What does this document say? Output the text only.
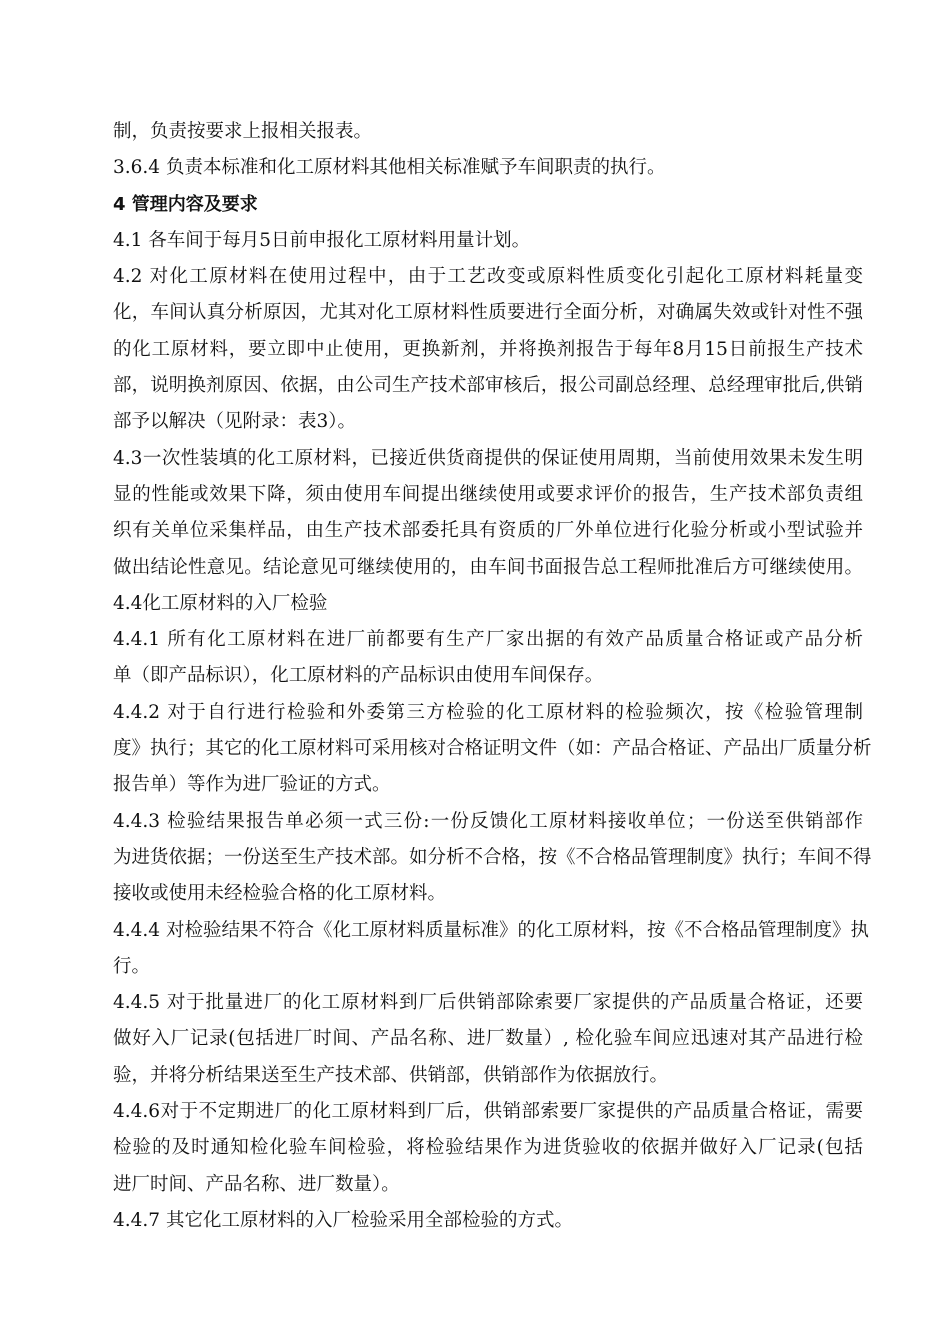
制，负责按要求上报相关报表。
3.6.4 负责本标准和化工原材料其他相关标准赋予车间职责的执行。
4 管理内容及要求
4.1 各车间于每月5日前申报化工原材料用量计划。
4.2 对化工原材料在使用过程中，由于工艺改变或原料性质变化引起化工原材料耗量变
化，车间认真分析原因，尤其对化工原材料性质要进行全面分析，对确属失效或针对性不强
的化工原材料，要立即中止使用，更换新剂，并将换剂报告于每年8月15日前报生产技术
部，说明换剂原因、依据，由公司生产技术部审核后，报公司副总经理、总经理审批后,供销
部予以解决（见附录：表3）。
4.3一次性装填的化工原材料，已接近供货商提供的保证使用周期，当前使用效果未发生明
显的性能或效果下降，须由使用车间提出继续使用或要求评价的报告，生产技术部负责组
织有关单位采集样品，由生产技术部委托具有资质的厂外单位进行化验分析或小型试验并
做出结论性意见。结论意见可继续使用的，由车间书面报告总工程师批准后方可继续使用。
4.4化工原材料的入厂检验
4.4.1 所有化工原材料在进厂前都要有生产厂家出据的有效产品质量合格证或产品分析
单（即产品标识），化工原材料的产品标识由使用车间保存。
4.4.2 对于自行进行检验和外委第三方检验的化工原材料的检验频次，按《检验管理制
度》执行；其它的化工原材料可采用核对合格证明文件（如：产品合格证、产品出厂质量分析
报告单）等作为进厂验证的方式。
4.4.3 检验结果报告单必须一式三份:一份反馈化工原材料接收单位；一份送至供销部作
为进货依据；一份送至生产技术部。如分析不合格，按《不合格品管理制度》执行；车间不得
接收或使用未经检验合格的化工原材料。
4.4.4 对检验结果不符合《化工原材料质量标准》的化工原材料，按《不合格品管理制度》执
行。
4.4.5 对于批量进厂的化工原材料到厂后供销部除索要厂家提供的产品质量合格证，还要
做好入厂记录(包括进厂时间、产品名称、进厂数量）, 检化验车间应迅速对其产品进行检
验，并将分析结果送至生产技术部、供销部，供销部作为依据放行。
4.4.6对于不定期进厂的化工原材料到厂后，供销部索要厂家提供的产品质量合格证，需要
检验的及时通知检化验车间检验，将检验结果作为进货验收的依据并做好入厂记录(包括
进厂时间、产品名称、进厂数量）。
4.4.7 其它化工原材料的入厂检验采用全部检验的方式。
